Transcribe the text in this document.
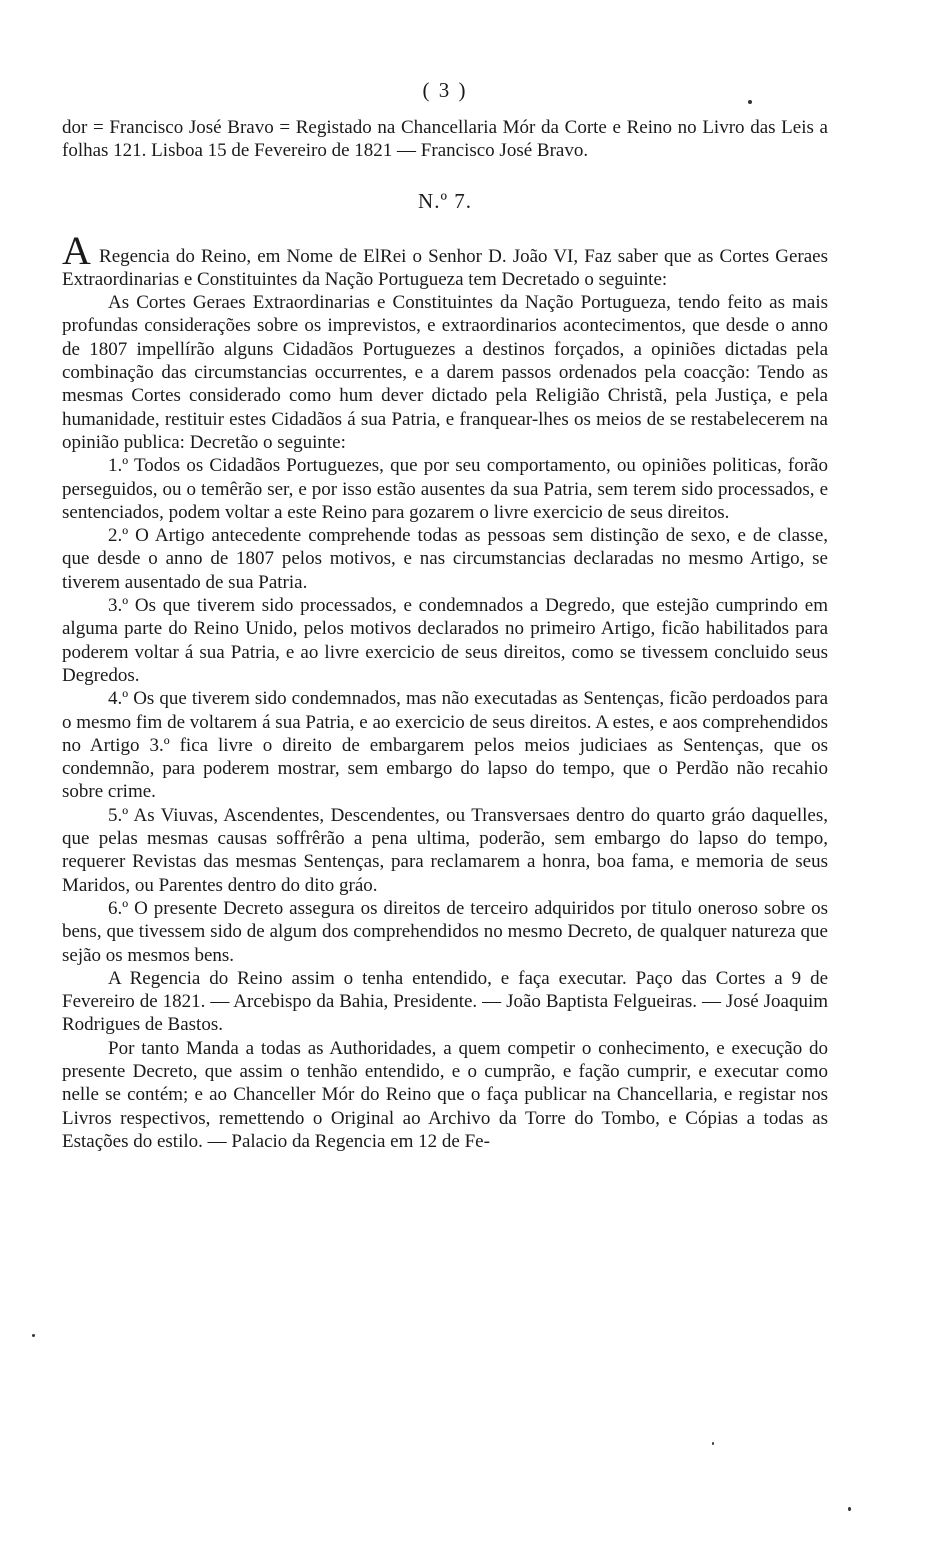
( 3 )

dor = Francisco José Bravo = Registado na Chancellaria Mór da Corte e Reino no Livro das Leis a folhas 121. Lisboa 15 de Fevereiro de 1821 — Francisco José Bravo.

N.º 7.

A Regencia do Reino, em Nome de ElRei o Senhor D. João VI, Faz saber que as Cortes Geraes Extraordinarias e Constituintes da Nação Portugueza tem Decretado o seguinte:

As Cortes Geraes Extraordinarias e Constituintes da Nação Portugueza, tendo feito as mais profundas considerações sobre os imprevistos, e extraordinarios acontecimentos, que desde o anno de 1807 impellírão alguns Cidadãos Portuguezes a destinos forçados, a opiniões dictadas pela combinação das circumstancias occurrentes, e a darem passos ordenados pela coacção: Tendo as mesmas Cortes considerado como hum dever dictado pela Religião Christã, pela Justiça, e pela humanidade, restituir estes Cidadãos á sua Patria, e franquear-lhes os meios de se restabelecerem na opinião publica: Decretão o seguinte:

1.º Todos os Cidadãos Portuguezes, que por seu comportamento, ou opiniões politicas, forão perseguidos, ou o temêrão ser, e por isso estão ausentes da sua Patria, sem terem sido processados, e sentenciados, podem voltar a este Reino para gozarem o livre exercicio de seus direitos.

2.º O Artigo antecedente comprehende todas as pessoas sem distinção de sexo, e de classe, que desde o anno de 1807 pelos motivos, e nas circumstancias declaradas no mesmo Artigo, se tiverem ausentado de sua Patria.

3.º Os que tiverem sido processados, e condemnados a Degredo, que estejão cumprindo em alguma parte do Reino Unido, pelos motivos declarados no primeiro Artigo, ficão habilitados para poderem voltar á sua Patria, e ao livre exercicio de seus direitos, como se tivessem concluido seus Degredos.

4.º Os que tiverem sido condemnados, mas não executadas as Sentenças, ficão perdoados para o mesmo fim de voltarem á sua Patria, e ao exercicio de seus direitos. A estes, e aos comprehendidos no Artigo 3.º fica livre o direito de embargarem pelos meios judiciaes as Sentenças, que os condemnão, para poderem mostrar, sem embargo do lapso do tempo, que o Perdão não recahio sobre crime.

5.º As Viuvas, Ascendentes, Descendentes, ou Transversaes dentro do quarto gráo daquelles, que pelas mesmas causas soffrêrão a pena ultima, poderão, sem embargo do lapso do tempo, requerer Revistas das mesmas Sentenças, para reclamarem a honra, boa fama, e memoria de seus Maridos, ou Parentes dentro do dito gráo.

6.º O presente Decreto assegura os direitos de terceiro adquiridos por titulo oneroso sobre os bens, que tivessem sido de algum dos comprehendidos no mesmo Decreto, de qualquer natureza que sejão os mesmos bens.

A Regencia do Reino assim o tenha entendido, e faça executar. Paço das Cortes a 9 de Fevereiro de 1821. — Arcebispo da Bahia, Presidente. — João Baptista Felgueiras. — José Joaquim Rodrigues de Bastos.

Por tanto Manda a todas as Authoridades, a quem competir o conhecimento, e execução do presente Decreto, que assim o tenhão entendido, e o cumprão, e fação cumprir, e executar como nelle se contém; e ao Chanceller Mór do Reino que o faça publicar na Chancellaria, e registar nos Livros respectivos, remettendo o Original ao Archivo da Torre do Tombo, e Cópias a todas as Estações do estilo. — Palacio da Regencia em 12 de Fe-
